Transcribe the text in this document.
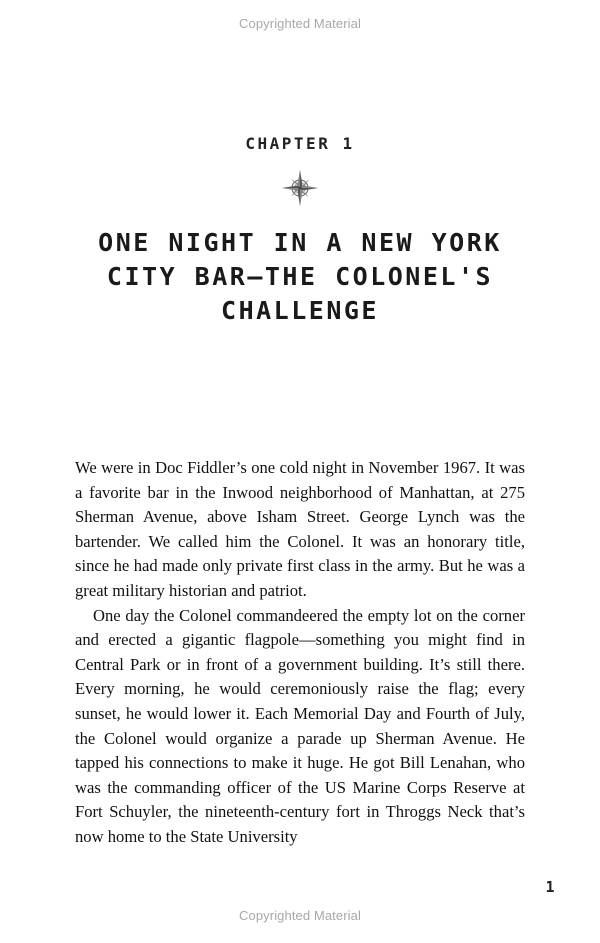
Copyrighted Material
CHAPTER 1
ONE NIGHT IN A NEW YORK CITY BAR—THE COLONEL'S CHALLENGE

We were in Doc Fiddler’s one cold night in November 1967. It was a favorite bar in the Inwood neighborhood of Manhattan, at 275 Sherman Avenue, above Isham Street. George Lynch was the bartender. We called him the Colonel. It was an honorary title, since he had made only private first class in the army. But he was a great military historian and patriot.

One day the Colonel commandeered the empty lot on the corner and erected a gigantic flagpole—something you might find in Central Park or in front of a government building. It’s still there. Every morning, he would ceremoniously raise the flag; every sunset, he would lower it. Each Memorial Day and Fourth of July, the Colonel would organize a parade up Sherman Avenue. He tapped his connections to make it huge. He got Bill Lenahan, who was the commanding officer of the US Marine Corps Reserve at Fort Schuyler, the nineteenth-century fort in Throggs Neck that’s now home to the State University

1
Copyrighted Material
